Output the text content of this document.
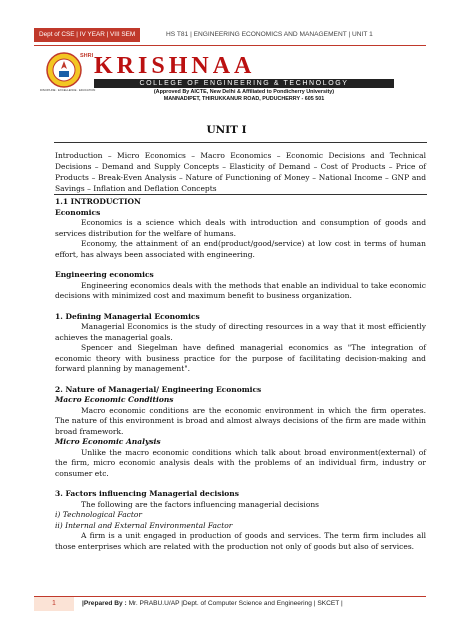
Dept of CSE | IV YEAR | VIII SEM	HS T81 | ENGINEERING ECONOMICS AND MANAGEMENT | UNIT 1
DISCIPLINE · EXCELLENCE · EDUCATION
SHRI KRISHNAA
COLLEGE OF ENGINEERING & TECHNOLOGY
(Approved By AICTE, New Delhi & Affiliated to Pondicherry University)
MANNADIPET, THIRUKKANUR ROAD, PUDUCHERRY - 605 501
UNIT I
Introduction – Micro Economics – Macro Economics – Economic Decisions and Technical Decisions – Demand and Supply Concepts – Elasticity of Demand – Cost of Products – Price of Products – Break-Even Analysis – Nature of Functioning of Money – National Income – GNP and Savings – Inflation and Deflation Concepts

1.1 INTRODUCTION

Economics

Economics is a science which deals with introduction and consumption of goods and services distribution for the welfare of humans.

Economy, the attainment of an end(product/good/service) at low cost in terms of human effort, has always been associated with engineering.

Engineering economics

Engineering economics deals with the methods that enable an individual to take economic decisions with minimized cost and maximum benefit to business organization.

1. Defining Managerial Economics

Managerial Economics is the study of directing resources in a way that it most efficiently achieves the managerial goals.

Spencer and Siegelman have defined managerial economics as "The integration of economic theory with business practice for the purpose of facilitating decision-making and forward planning by management".

2. Nature of Managerial/ Engineering Economics

Macro Economic Conditions

Macro economic conditions are the economic environment in which the firm operates. The nature of this environment is broad and almost always decisions of the firm are made within broad framework.

Micro Economic Analysis

Unlike the macro economic conditions which talk about broad environment(external) of the firm, micro economic analysis deals with the problems of an individual firm, industry or consumer etc.

3. Factors influencing Managerial decisions

The following are the factors influencing managerial decisions

i) Technological Factor

ii) Internal and External Environmental Factor

A firm is a unit engaged in production of goods and services. The term firm includes all those enterprises which are related with the production not only of goods but also of services.

1	|Prepared By : Mr. PRABU.U/AP |Dept. of Computer Science and Engineering | SKCET |
